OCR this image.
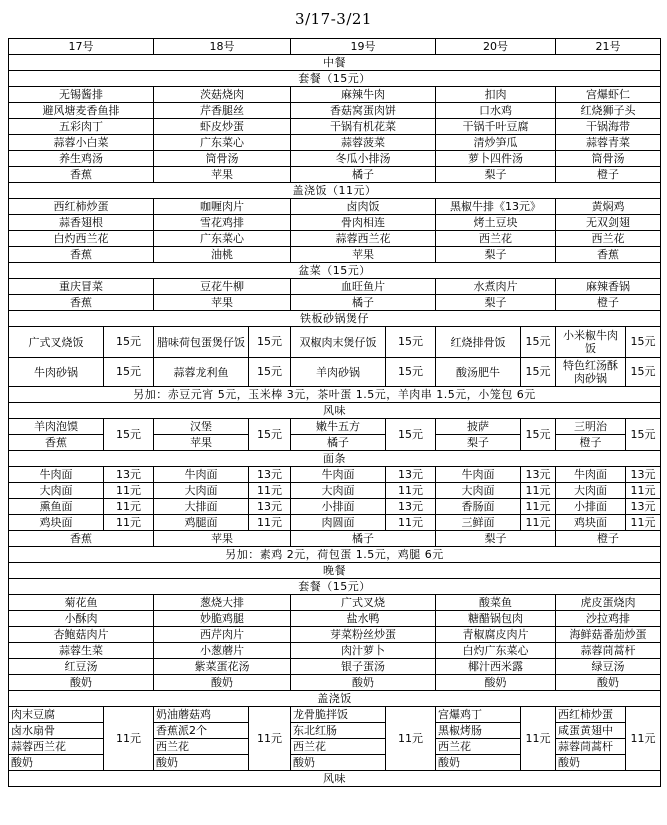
3/17-3/21
17号		18号		19号		20号		21号	
中餐									
套餐（15元）									
无锡酱排		茨菇烧肉		麻辣牛肉		扣肉		宫爆虾仁	
避风塘麦香鱼排		芹香腿丝		香菇窝蛋肉饼		口水鸡		红烧狮子头	
五彩肉丁		虾皮炒蛋		干锅有机花菜		干锅千叶豆腐		干锅海带	
蒜蓉小白菜		广东菜心		蒜蓉菠菜		清炒笋瓜		蒜蓉青菜	
养生鸡汤		筒骨汤		冬瓜小排汤		萝卜四件汤		筒骨汤	
香蕉		苹果		橘子		梨子		橙子	
盖浇饭（11元）									
西红柿炒蛋		咖喱肉片		卤肉饭		黑椒牛排《13元》		黄焖鸡	
蒜香翅根		雪花鸡排		骨肉相连		烤土豆块		无双剑翅	
白灼西兰花		广东菜心		蒜蓉西兰花		西兰花		西兰花	
香蕉		油桃		苹果		梨子		香蕉	
盆菜（15元）									
重庆冒菜		豆花牛柳		血旺鱼片		水煮肉片		麻辣香锅	
香蕉		苹果		橘子		梨子		橙子	
铁板砂锅煲仔									
广式叉烧饭	15元	腊味荷包蛋煲仔饭	15元	双椒肉末煲仔饭	15元	红烧排骨饭	15元	小米椒牛肉饭	15元
牛肉砂锅	15元	蒜蓉龙利鱼	15元	羊肉砂锅	15元	酸汤肥牛	15元	特色红汤酥肉砂锅	15元
另加：赤豆元宵 5元，玉米棒 3元，茶叶蛋 1.5元，羊肉串 1.5元，小笼包 6元									
风味									
羊肉泡馍	15元	汉堡	15元	嫩牛五方	15元	披萨	15元	三明治	15元
香蕉		苹果		橘子		梨子		橙子	
面条									
牛肉面	13元	牛肉面	13元	牛肉面	13元	牛肉面	13元	牛肉面	13元
大肉面	11元	大肉面	11元	大肉面	11元	大肉面	11元	大肉面	11元
熏鱼面	11元	大排面	13元	小排面	13元	香肠面	11元	小排面	13元
鸡块面	11元	鸡腿面	11元	肉圆面	11元	三鲜面	11元	鸡块面	11元
香蕉		苹果		橘子		梨子		橙子	
另加：素鸡 2元，荷包蛋 1.5元，鸡腿 6元									
晚餐									
套餐（15元）									
菊花鱼		葱烧大排		广式叉烧		酸菜鱼		虎皮蛋烧肉	
小酥肉		妙脆鸡腿		盐水鸭		糖醋锅包肉		沙拉鸡排	
杏鲍菇肉片		西芹肉片		芽菜粉丝炒蛋		青椒腐皮肉片		海鲜菇番茄炒蛋	
蒜蓉生菜		小葱蘑片		肉汁萝卜		白灼广东菜心		蒜蓉茼蒿杆	
红豆汤		紫菜蛋花汤		银子蛋汤		椰汁西米露		绿豆汤	
酸奶		酸奶		酸奶		酸奶		酸奶	
盖浇饭									
肉末豆腐	11元	奶油蘑菇鸡	11元	龙骨脆拌饭	11元	宫爆鸡丁	11元	西红柿炒蛋	11元
卤水扇骨		香蕉派2个		东北红肠		黑椒烤肠		咸蛋黄翅中	
蒜蓉西兰花		西兰花		西兰花		西兰花		蒜蓉茼蒿杆	
酸奶		酸奶		酸奶		酸奶		酸奶	
风味									
